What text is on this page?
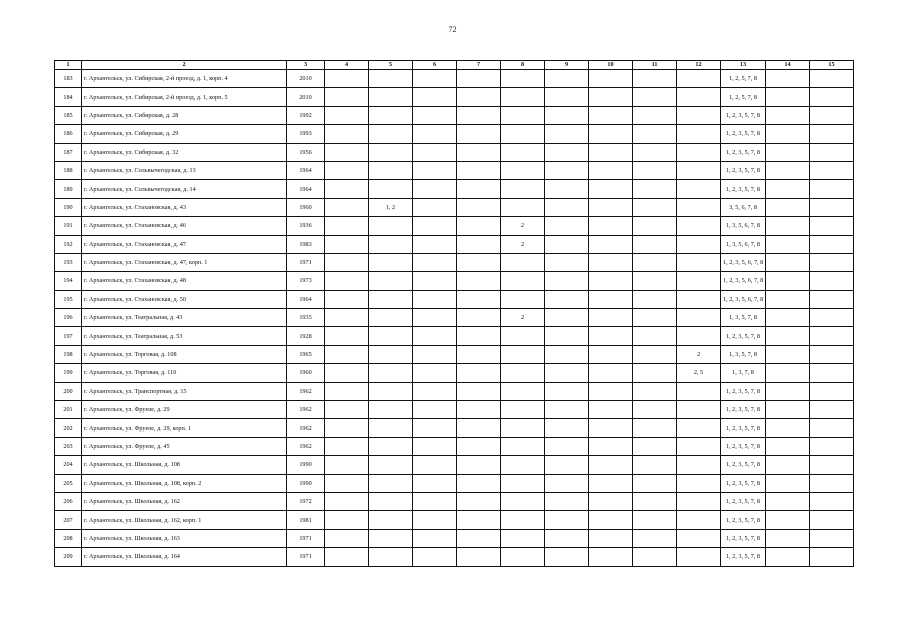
72
1	2	3	4	5	6	7	8	9	10	11	12	13	14	15
183	г. Архангельск, ул. Сибирская, 2-й проезд, д. 1, корп. 4	2010										1, 2, 5, 7, 8		
184	г. Архангельск, ул. Сибирская, 2-й проезд, д. 1, корп. 5	2010										1, 2, 5, 7, 8		
185	г. Архангельск, ул. Сибирская, д. 28	1992										1, 2, 3, 5, 7, 8		
186	г. Архангельск, ул. Сибирская, д. 29	1993										1, 2, 3, 5, 7, 8		
187	г. Архангельск, ул. Сибирская, д. 32	1956										1, 2, 3, 5, 7, 8		
188	г. Архангельск, ул. Сольвычегодская, д. 13	1964										1, 2, 3, 5, 7, 8		
189	г. Архангельск, ул. Сольвычегодская, д. 14	1964										1, 2, 3, 5, 7, 8		
190	г. Архангельск, ул. Стахановская, д. 43	1960		1, 2								3, 5, 6, 7, 8		
191	г. Архангельск, ул. Стахановская, д. 46	1936					2					1, 3, 5, 6, 7, 8		
192	г. Архангельск, ул. Стахановская, д. 47	1983					2					1, 3, 5, 6, 7, 8		
193	г. Архангельск, ул. Стахановская, д. 47, корп. 1	1971										1, 2, 3, 5, 6, 7, 8		
194	г. Архангельск, ул. Стахановская, д. 48	1973										1, 2, 3, 5, 6, 7, 8		
195	г. Архангельск, ул. Стахановская, д. 50	1964										1, 2, 3, 5, 6, 7, 8		
196	г. Архангельск, ул. Театральная, д. 43	1935					2					1, 3, 5, 7, 8		
197	г. Архангельск, ул. Театральная, д. 53	1928										1, 2, 3, 5, 7, 8		
198	г. Архангельск, ул. Торговая, д. 108	1965									2	1, 3, 5, 7, 8		
199	г. Архангельск, ул. Торговая, д. 110	1960									2, 5	1, 3, 7, 8		
200	г. Архангельск, ул. Транспортная, д. 15	1962										1, 2, 3, 5, 7, 8		
201	г. Архангельск, ул. Фрунзе, д. 29	1962										1, 2, 3, 5, 7, 8		
202	г. Архангельск, ул. Фрунзе, д. 29, корп. 1	1962										1, 2, 3, 5, 7, 8		
203	г. Архангельск, ул. Фрунзе, д. 45	1962										1, 2, 3, 5, 7, 8		
204	г. Архангельск, ул. Школьная, д. 108	1990										1, 2, 3, 5, 7, 8		
205	г. Архангельск, ул. Школьная, д. 108, корп. 2	1990										1, 2, 3, 5, 7, 8		
206	г. Архангельск, ул. Школьная, д. 162	1972										1, 2, 3, 5, 7, 8		
207	г. Архангельск, ул. Школьная, д. 162, корп. 1	1981										1, 2, 3, 5, 7, 8		
208	г. Архангельск, ул. Школьная, д. 163	1971										1, 2, 3, 5, 7, 8		
209	г. Архангельск, ул. Школьная, д. 164	1971										1, 2, 3, 5, 7, 8		
